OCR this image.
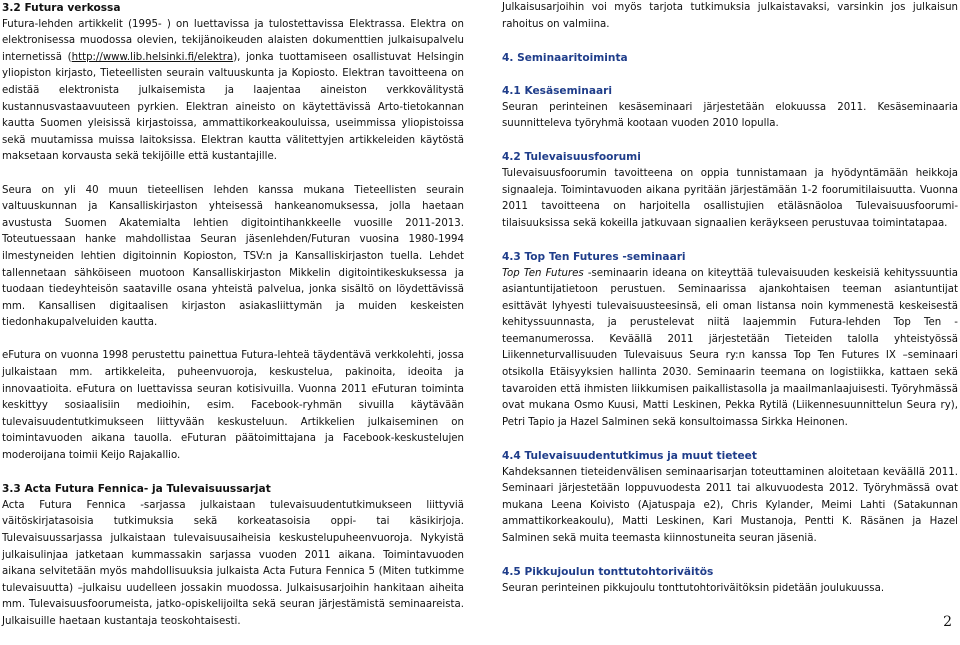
3.2 Futura verkossa

Futura-lehden artikkelit (1995- ) on luettavissa ja tulostettavissa Elektrassa. Elektra on elektronisessa muodossa olevien, tekijänoikeuden alaisten dokumenttien julkaisupalvelu internetissä (http://www.lib.helsinki.fi/elektra), jonka tuottamiseen osallistuvat Helsingin yliopiston kirjasto, Tieteellisten seurain valtuuskunta ja Kopiosto. Elektran tavoitteena on edistää elektronista julkaisemista ja laajentaa aineiston verkkovälitystä kustannusvastaavuuteen pyrkien. Elektran aineisto on käytettävissä Arto-tietokannan kautta Suomen yleisissä kirjastoissa, ammattikorkeakouluissa, useimmissa yliopistoissa sekä muutamissa muissa laitoksissa. Elektran kautta välitettyjen artikkeleiden käytöstä maksetaan korvausta sekä tekijöille että kustantajille.

Seura on yli 40 muun tieteellisen lehden kanssa mukana Tieteellisten seurain valtuuskunnan ja Kansalliskirjaston yhteisessä hankeanomuksessa, jolla haetaan avustusta Suomen Akatemialta lehtien digitointihankkeelle vuosille 2011-2013. Toteutuessaan hanke mahdollistaa Seuran jäsenlehden/Futuran vuosina 1980-1994 ilmestyneiden lehtien digitoinnin Kopioston, TSV:n ja Kansalliskirjaston tuella. Lehdet tallennetaan sähköiseen muotoon Kansalliskirjaston Mikkelin digitointikeskuksessa ja tuodaan tiedeyhteisön saataville osana yhteistä palvelua, jonka sisältö on löydettävissä mm. Kansallisen digitaalisen kirjaston asiakasliittymän ja muiden keskeisten tiedonhakupalveluiden kautta.

eFutura on vuonna 1998 perustettu painettua Futura-lehteä täydentävä verkkolehti, jossa julkaistaan mm. artikkeleita, puheenvuoroja, keskustelua, pakinoita, ideoita ja innovaatioita. eFutura on luettavissa seuran kotisivuilla. Vuonna 2011 eFuturan toiminta keskittyy sosiaalisiin medioihin, esim. Facebook-ryhmän sivuilla käytävään tulevaisuudentutkimukseen liittyvään keskusteluun. Artikkelien julkaiseminen on toimintavuoden aikana tauolla. eFuturan päätoimittajana ja Facebook-keskustelujen moderoijana toimii Keijo Rajakallio.

3.3 Acta Futura Fennica- ja Tulevaisuussarjat

Acta Futura Fennica -sarjassa julkaistaan tulevaisuudentutkimukseen liittyviä väitöskirjatasoisia tutkimuksia sekä korkeatasoisia oppi- tai käsikirjoja. Tulevaisuussarjassa julkaistaan tulevaisuusaiheisia keskustelupuheenvuoroja. Nykyistä julkaisulinjaa jatketaan kummassakin sarjassa vuoden 2011 aikana. Toimintavuoden aikana selvitetään myös mahdollisuuksia julkaista Acta Futura Fennica 5 (Miten tutkimme tulevaisuutta) –julkaisu uudelleen jossakin muodossa. Julkaisusarjoihin hankitaan aiheita mm. Tulevaisuusfoorumeista, jatko-opiskelijoilta sekä seuran järjestämistä seminaareista. Julkaisuille haetaan kustantaja teoskohtaisesti.

Julkaisusarjoihin voi myös tarjota tutkimuksia julkaistavaksi, varsinkin jos julkaisun rahoitus on valmiina.

4. Seminaaritoiminta

4.1 Kesäseminaari

Seuran perinteinen kesäseminaari järjestetään elokuussa 2011. Kesäseminaaria suunnitteleva työryhmä kootaan vuoden 2010 lopulla.

4.2 Tulevaisuusfoorumi

Tulevaisuusfoorumin tavoitteena on oppia tunnistamaan ja hyödyntämään heikkoja signaaleja. Toimintavuoden aikana pyritään järjestämään 1-2 foorumitilaisuutta. Vuonna 2011 tavoitteena on harjoitella osallistujien etäläsnäoloa Tulevaisuusfoorumi-tilaisuuksissa sekä kokeilla jatkuvaan signaalien keräykseen perustuvaa toimintatapaa.

4.3 Top Ten Futures -seminaari

Top Ten Futures -seminaarin ideana on kiteyttää tulevaisuuden keskeisiä kehityssuuntia asiantuntijatietoon perustuen. Seminaarissa ajankohtaisen teeman asiantuntijat esittävät lyhyesti tulevaisuusteesinsä, eli oman listansa noin kymmenestä keskeisestä kehityssuunnasta, ja perustelevat niitä laajemmin Futura-lehden Top Ten -teemanumerossa. Keväällä 2011 järjestetään Tieteiden talolla yhteistyössä Liikenneturvallisuuden Tulevaisuus Seura ry:n kanssa Top Ten Futures IX –seminaari otsikolla Etäisyyksien hallinta 2030. Seminaarin teemana on logistiikka, kattaen sekä tavaroiden että ihmisten liikkumisen paikallistasolla ja maailmanlaajuisesti. Työryhmässä ovat mukana Osmo Kuusi, Matti Leskinen, Pekka Rytilä (Liikennesuunnittelun Seura ry), Petri Tapio ja Hazel Salminen sekä konsultoimassa Sirkka Heinonen.

4.4 Tulevaisuudentutkimus ja muut tieteet

Kahdeksannen tieteidenvälisen seminaarisarjan toteuttaminen aloitetaan keväällä 2011. Seminaari järjestetään loppuvuodesta 2011 tai alkuvuodesta 2012. Työryhmässä ovat mukana Leena Koivisto (Ajatuspaja e2), Chris Kylander, Meimi Lahti (Satakunnan ammattikorkeakoulu), Matti Leskinen, Kari Mustanoja, Pentti K. Räsänen ja Hazel Salminen sekä muita teemasta kiinnostuneita seuran jäseniä.

4.5 Pikkujoulun tonttutohtoriväitös

Seuran perinteinen pikkujoulu tonttutohtoriväitöksin pidetään joulukuussa.

2
